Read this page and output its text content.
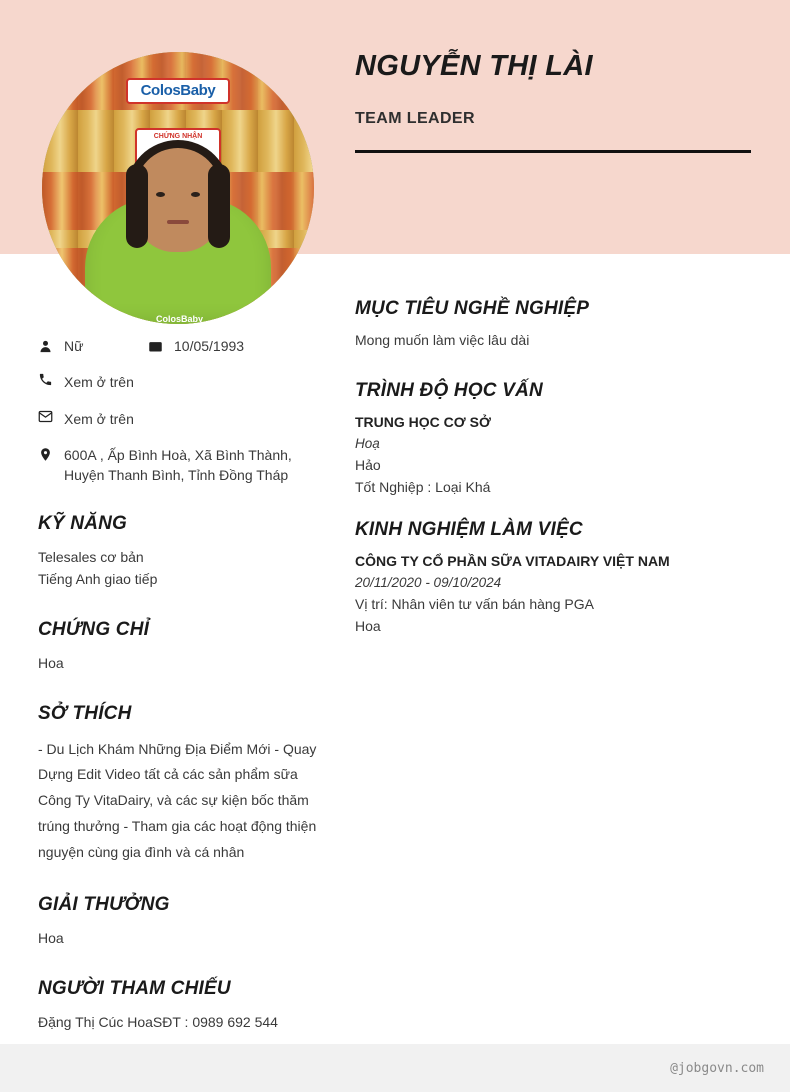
ColosBaby
CHỨNG NHẬN
ColosBaby
NGUYỄN THỊ LÀI
TEAM LEADER
Nữ	10/05/1993
Xem ở trên
Xem ở trên
600A , Ấp Bình Hoà, Xã Bình Thành, Huyện Thanh Bình, Tỉnh Đồng Tháp
KỸ NĂNG
Telesales cơ bản
Tiếng Anh giao tiếp
CHỨNG CHỈ
Hoa
SỞ THÍCH
- Du Lịch Khám Những Địa Điểm Mới - Quay Dựng Edit Video tất cả các sản phẩm sữa Công Ty VitaDairy, và các sự kiện bốc thăm trúng thưởng - Tham gia các hoạt động thiện nguyện cùng gia đình và cá nhân
GIẢI THƯỞNG
Hoa
NGƯỜI THAM CHIẾU
Đặng Thị Cúc HoaSĐT : 0989 692 544
MỤC TIÊU NGHỀ NGHIỆP
Mong muốn làm việc lâu dài
TRÌNH ĐỘ HỌC VẤN
TRUNG HỌC CƠ SỞ
Hoạ
Hảo
Tốt Nghiệp : Loại Khá
KINH NGHIỆM LÀM VIỆC
CÔNG TY CỔ PHẦN SỮA VITADAIRY VIỆT NAM
20/11/2020 - 09/10/2024
Vị trí: Nhân viên tư vấn bán hàng PGA
Hoa
@jobgovn.com
